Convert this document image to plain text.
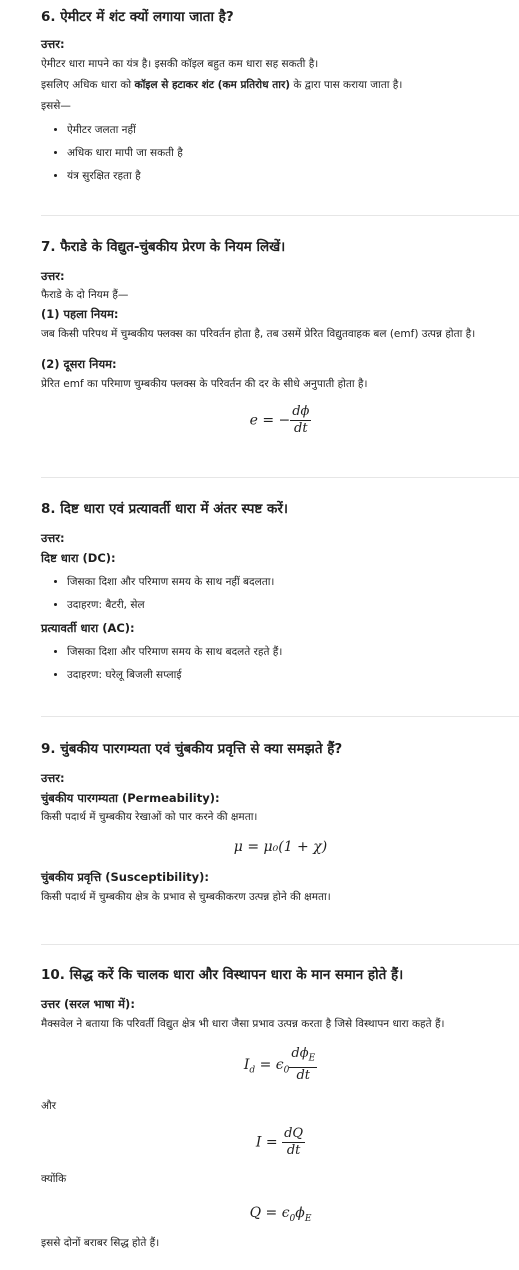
6. ऐमीटर में शंट क्यों लगाया जाता है?

उत्तर:

ऐमीटर धारा मापने का यंत्र है। इसकी कॉइल बहुत कम धारा सह सकती है।

इसलिए अधिक धारा को कॉइल से हटाकर शंट (कम प्रतिरोध तार) के द्वारा पास कराया जाता है।

इससे—

• ऐमीटर जलता नहीं
• अधिक धारा मापी जा सकती है
• यंत्र सुरक्षित रहता है

7. फैराडे के विद्युत-चुंबकीय प्रेरण के नियम लिखें।

उत्तर:

फैराडे के दो नियम हैं—

(1) पहला नियम:

जब किसी परिपथ में चुम्बकीय फ्लक्स का परिवर्तन होता है, तब उसमें प्रेरित विद्युतवाहक बल (emf) उत्पन्न होता है।

(2) दूसरा नियम:

प्रेरित emf का परिमाण चुम्बकीय फ्लक्स के परिवर्तन की दर के सीधे अनुपाती होता है।

e = − $\frac{d\phi}{dt}$

8. दिष्ट धारा एवं प्रत्यावर्ती धारा में अंतर स्पष्ट करें।

उत्तर:

दिष्ट धारा (DC):

• जिसका दिशा और परिमाण समय के साथ नहीं बदलता।
• उदाहरण: बैटरी, सेल

प्रत्यावर्ती धारा (AC):

• जिसका दिशा और परिमाण समय के साथ बदलते रहते हैं।
• उदाहरण: घरेलू बिजली सप्लाई

9. चुंबकीय पारगम्यता एवं चुंबकीय प्रवृत्ति से क्या समझते हैं?

उत्तर:

चुंबकीय पारगम्यता (Permeability):

किसी पदार्थ में चुम्बकीय रेखाओं को पार करने की क्षमता।

μ = μ₀(1 + χ)

चुंबकीय प्रवृत्ति (Susceptibility):

किसी पदार्थ में चुम्बकीय क्षेत्र के प्रभाव से चुम्बकीकरण उत्पन्न होने की क्षमता।

10. सिद्ध करें कि चालक धारा और विस्थापन धारा के मान समान होते हैं।

उत्तर (सरल भाषा में):

मैक्सवेल ने बताया कि परिवर्ती विद्युत क्षेत्र भी धारा जैसा प्रभाव उत्पन्न करता है जिसे विस्थापन धारा कहते हैं।

$I_d = \epsilon_0 \frac{d\phi_E}{dt}$

और

$I = \frac{dQ}{dt}$

क्योंकि

$Q = \epsilon_0\phi_E$

इससे दोनों बराबर सिद्ध होते हैं।
